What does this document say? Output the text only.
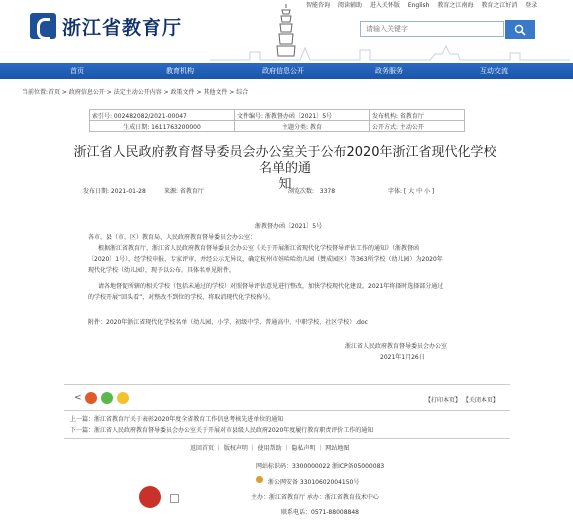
浙江省教育厅
智能咨询 阅读辅助 进入关怀版 English 教育之江南海 教育之江好消 登录
请输入关键字
首页	教育机构	政府信息公开	政务服务	互动交流
当前位置:首页 > 政府信息公开 > 法定主动公开内容 > 政策文件 > 其他文件 > 综合
索引号: 002482082/2021-00047	文件编号: 浙教督办函〔2021〕5号	发布机构: 省教育厅
生成日期: 1611763200000	主题分类: 教育	公开方式: 主动公开
浙江省人民政府教育督导委员会办公室关于公布2020年浙江省现代化学校名单的通
知
发布日期: 2021-01-28	来源: 省教育厅	浏览次数: 3378	字体: [ 大 中 小 ]
浙教督办函〔2021〕5号
各市、县（市、区）教育局、人民政府教育督导委员会办公室：
根据浙江省教育厅、浙江省人民政府教育督导委员会办公室《关于开展浙江省现代化学校督导评估工作的通知》（浙教督函
〔2020〕1号），经学校申报、专家评审、并经公示无异议，确定杭州市娃哈哈幼儿园（赞成园区）等363所学校（幼儿园）为2020年
现代化学校（幼儿园），现予以公布。具体名单见附件。
请各地督促所辖的相关学校（包括未通过的学校）对照督导评估意见进行整改，加快学校现代化建设。2021年将择时选择部分通过
的学校开展“回头看”，对整改不到位的学校，将取消现代化学校称号。
附件：2020年浙江省现代化学校名单（幼儿园、小学、初级中学、普通高中、中职学校、社区学校）.doc
浙江省人民政府教育督导委员会办公室
2021年1月26日
<	【打印本页】 【关闭本页】
上一篇：浙江省教育厅关于表彰2020年度全省教育工作信息考核先进单位的通知
下一篇：浙江省人民政府教育督导委员会办公室关于开展对市县级人民政府2020年度履行教育职责评价工作的通知
返回首页 ｜ 版权声明 ｜ 使用帮助 ｜ 隐私声明 ｜ 网站地图
网站标识码：3300000022 浙ICP备05000083
浙公网安备 33010602004150号
主办：浙江省教育厅 承办：浙江省教育技术中心
联系电话：0571-88008848
